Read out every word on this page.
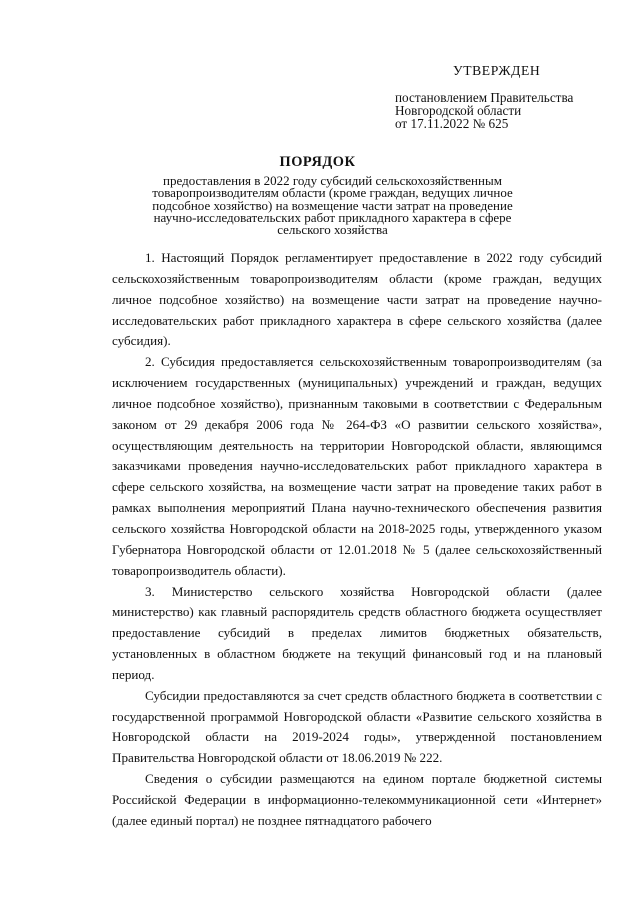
УТВЕРЖДЕН
постановлением Правительства
Новгородской области
от 17.11.2022 № 625
ПОРЯДОК
предоставления в 2022 году субсидий сельскохозяйственным товаропроизводителям области (кроме граждан, ведущих личное подсобное хозяйство) на возмещение части затрат на проведение научно-исследовательских работ прикладного характера в сфере сельского хозяйства

1. Настоящий Порядок регламентирует предоставление в 2022 году субсидий сельскохозяйственным товаропроизводителям области (кроме граждан, ведущих личное подсобное хозяйство) на возмещение части затрат на проведение научно-исследовательских работ прикладного характера в сфере сельского хозяйства (далее субсидия).

2. Субсидия предоставляется сельскохозяйственным товаропроизводителям (за исключением государственных (муниципальных) учреждений и граждан, ведущих личное подсобное хозяйство), признанным таковыми в соответствии с Федеральным законом от 29 декабря 2006 года № 264-ФЗ «О развитии сельского хозяйства», осуществляющим деятельность на территории Новгородской области, являющимся заказчиками проведения научно-исследовательских работ прикладного характера в сфере сельского хозяйства, на возмещение части затрат на проведение таких работ в рамках выполнения мероприятий Плана научно-технического обеспечения развития сельского хозяйства Новгородской области на 2018-2025 годы, утвержденного указом Губернатора Новгородской области от 12.01.2018 № 5 (далее сельскохозяйственный товаропроизводитель области).

3. Министерство сельского хозяйства Новгородской области (далее министерство) как главный распорядитель средств областного бюджета осуществляет предоставление субсидий в пределах лимитов бюджетных обязательств, установленных в областном бюджете на текущий финансовый год и на плановый период.

Субсидии предоставляются за счет средств областного бюджета в соответствии с государственной программой Новгородской области «Развитие сельского хозяйства в Новгородской области на 2019-2024 годы», утвержденной постановлением Правительства Новгородской области от 18.06.2019 № 222.

Сведения о субсидии размещаются на едином портале бюджетной системы Российской Федерации в информационно-телекоммуникационной сети «Интернет» (далее единый портал) не позднее пятнадцатого рабочего
